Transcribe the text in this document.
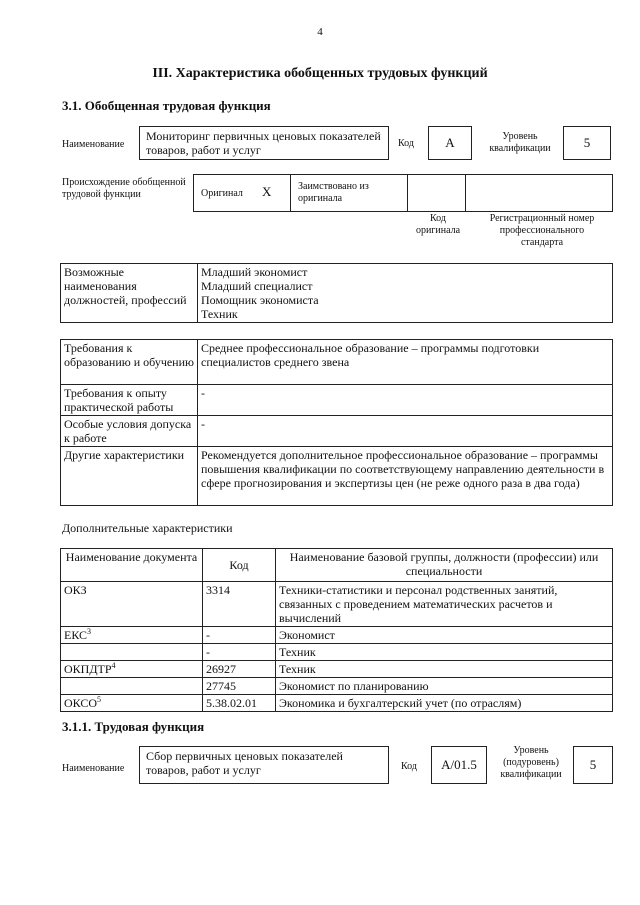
4
III. Характеристика обобщенных трудовых функций
3.1. Обобщенная трудовая функция
Наименование
Мониторинг первичных ценовых показателей товаров, работ и услуг	Код	A	Уровень квалификации	5
Происхождение обобщенной трудовой функции	Оригинал X	Заимствовано из оригинала
Код оригинала
Регистрационный номер профессионального стандарта
Возможные наименования должностей, профессий	
Младший экономист
Младший специалист
Помощник экономиста
Техник
Требования к образованию и обучению	Среднее профессиональное образование – программы подготовки специалистов среднего звена
Требования к опыту практической работы	-
Особые условия допуска к работе	-
Другие характеристики	Рекомендуется дополнительное профессиональное образование – программы повышения квалификации по соответствующему направлению деятельности в сфере прогнозирования и экспертизы цен (не реже одного раза в два года)
Дополнительные характеристики
Наименование документа	Код	Наименование базовой группы, должности (профессии) или специальности
ОКЗ	3314	Техники-статистики и персонал родственных занятий, связанных с проведением математических расчетов и вычислений
ЕКС$^3$	-	Экономист
	-	Техник
ОКПДТР$^4$	26927	Техник
	27745	Экономист по планированию
ОКСО$^5$	5.38.02.01	Экономика и бухгалтерский учет (по отраслям)
3.1.1. Трудовая функция
Наименование
Сбор первичных ценовых показателей товаров, работ и услуг	Код	A/01.5
Уровень (подуровень) квалификации
5
